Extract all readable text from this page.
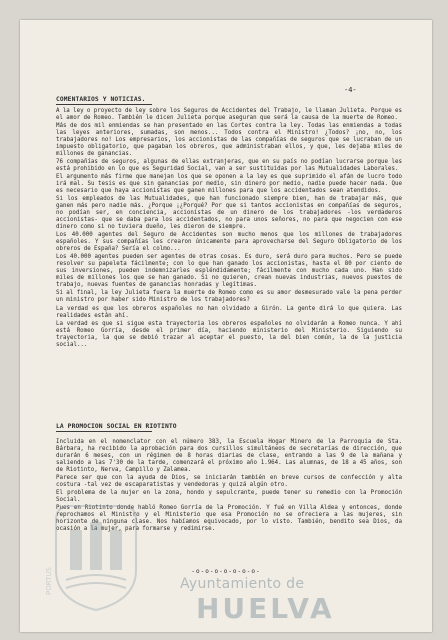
-4-
COMENTARIOS Y NOTICIAS.

A la ley o proyecto de ley sobre los Seguros de Accidentes del Trabajo, le llaman Julieta. Porque es el amor de Romeo. También le dicen Julieta porque aseguran que será la causa de la muerte de Romeo.

Más de dos mil enmiendas se han presentado en las Cortes contra la ley. Todas las enmiendas a todas las leyes anteriores, sumadas, son menos... Todos contra el Ministro! ¿Todos? ¡no, no, los trabajadores no! Los empresarios, los accionistas de las compañías de seguros que se lucraban de un impuesto obligatorio, que pagaban los obreros, que administraban ellos, y que, les dejaba miles de millones de ganancias.

76 compañías de seguros, algunas de ellas extranjeras, que en su país no podían lucrarse porque les está prohibido en lo que es Seguridad Social, van a ser sustituidas por las Mutualidades Laborales.

El argumento más firme que manejan los que se oponen a la ley es que suprimido el afán de lucro todo irá mal. Su tesis es que sin ganancias por medio, sin dinero por medio, nadie puede hacer nada. Que es necesario que haya accionistas que ganen millones para que los accidentados sean atendidos.

Si los empleados de las Mutualidades, que han funcionado siempre bien, han de trabajar más, que ganen más pero nadie más. ¿Porque ¡¿Porqué? Por que si tantos accionistas en compañías de seguros, no podían ser, en conciencia, accionistas de un dinero de los trabajadores -los verdaderos accionistas- que se daba para los accidentados, no para unos señores, no para que negocien con ese dinero como si no tuviera dueño, les dieron de siempre.

Los 40.000 agentes del Seguro de Accidentes son mucho menos que los millones de trabajadores españoles. Y sus compañías les crearon únicamente para aprovecharse del Seguro Obligatorio de los obreros de España? Sería el colmo...

Los 40.000 agentes pueden ser agentes de otras cosas. Es duro, será duro para muchos. Pero se puede resolver su papeleta fácilmente; con lo que han ganado los accionistas, hasta el 80 por ciento de sus inversiones, pueden indemnizarles espléndidamente; fácilmente con mucho cada uno. Han sido miles de millones los que se han ganado. Si no quieren, crean nuevas industrias, nuevos puestos de trabajo, nuevas fuentes de ganancias honradas y legítimas.

Si al final, la ley Julieta fuera la muerte de Romeo como es su amor desmesurado vale la pena perder un ministro por haber sido Ministro de los trabajadores?

La verdad es que los obreros españoles no han olvidado a Girón. La gente dirá lo que quiera. Las realidades están ahí.

La verdad es que si sigue esta trayectoria los obreros españoles no olvidarán a Romeo nunca. Y ahí está Romeo Gorría, desde el primer día, haciendo ministerio del Ministerio. Siguiendo su trayectoria, la que se debió trazar al aceptar el puesto, la del bien común, la de la justicia social...

LA PROMOCION SOCIAL EN RIOTINTO

Incluida en el nomenclator con el número 383, la Escuela Hogar Minero de la Parroquia de Sta. Bárbara, ha recibido la aprobación para dos cursillos simultáneos de secretarías de dirección, que durarán 6 meses, con un régimen de 8 horas diarias de clase, entrando a las 9 de la mañana y saliendo a las 7'30 de la tarde, comenzará el próximo año 1.964. Las alumnas, de 18 a 45 años, son de Riotinto, Nerva, Campillo y Zalamea.

Parece ser que con la ayuda de Dios, se iniciarán también en breve cursos de confección y alta costura -tal vez de escaparatistas y vendedoras y quizá algún otro.

El problema de la mujer en la zona, hondo y sepulcrante, puede tener su remedio con la Promoción Social.

Pues en Riotinto donde habló Romeo Gorría de la Promoción. Y fué en Villa Aldea y entonces, donde reprochamos el Ministro y el Ministerio que esa Promoción no se ofreciera a las mujeres, sin horizonte de ninguna clase. Nos habíamos equivocado, por lo visto. También, bendito sea Dios, da ocasión a la mujer, para formarse y redimirse.

-o-o-o-o-o-o-o-
PORTUS	Ayuntamiento de
HUELVA
